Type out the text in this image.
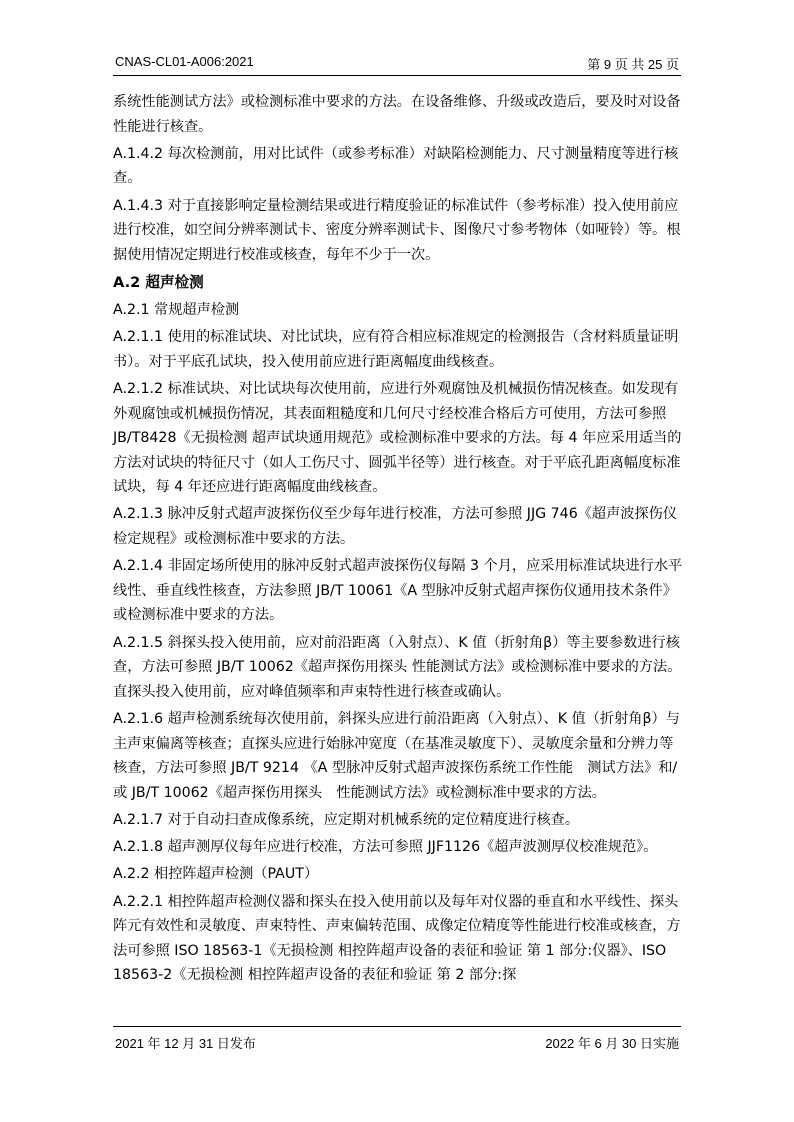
CNAS-CL01-A006:2021	第 9 页 共 25 页

系统性能测试方法》或检测标准中要求的方法。在设备维修、升级或改造后，要及时对设备性能进行核查。

A.1.4.2 每次检测前，用对比试件（或参考标准）对缺陷检测能力、尺寸测量精度等进行核查。

A.1.4.3 对于直接影响定量检测结果或进行精度验证的标准试件（参考标准）投入使用前应进行校准，如空间分辨率测试卡、密度分辨率测试卡、图像尺寸参考物体（如哑铃）等。根据使用情况定期进行校准或核查，每年不少于一次。

A.2 超声检测

A.2.1 常规超声检测

A.2.1.1 使用的标准试块、对比试块，应有符合相应标准规定的检测报告（含材料质量证明书）。对于平底孔试块，投入使用前应进行距离幅度曲线核查。

A.2.1.2 标准试块、对比试块每次使用前，应进行外观腐蚀及机械损伤情况核查。如发现有外观腐蚀或机械损伤情况，其表面粗糙度和几何尺寸经校准合格后方可使用，方法可参照 JB/T8428《无损检测 超声试块通用规范》或检测标准中要求的方法。每 4 年应采用适当的方法对试块的特征尺寸（如人工伤尺寸、圆弧半径等）进行核查。对于平底孔距离幅度标准试块，每 4 年还应进行距离幅度曲线核查。

A.2.1.3 脉冲反射式超声波探伤仪至少每年进行校准，方法可参照 JJG 746《超声波探伤仪检定规程》或检测标准中要求的方法。

A.2.1.4 非固定场所使用的脉冲反射式超声波探伤仪每隔 3 个月，应采用标准试块进行水平线性、垂直线性核查，方法参照 JB/T 10061《A 型脉冲反射式超声探伤仪通用技术条件》或检测标准中要求的方法。

A.2.1.5 斜探头投入使用前，应对前沿距离（入射点）、K 值（折射角β）等主要参数进行核查，方法可参照 JB/T 10062《超声探伤用探头 性能测试方法》或检测标准中要求的方法。直探头投入使用前，应对峰值频率和声束特性进行核查或确认。

A.2.1.6 超声检测系统每次使用前，斜探头应进行前沿距离（入射点）、K 值（折射角β）与主声束偏离等核查；直探头应进行始脉冲宽度（在基准灵敏度下）、灵敏度余量和分辨力等核查，方法可参照 JB/T 9214 《A 型脉冲反射式超声波探伤系统工作性能　测试方法》和/或 JB/T 10062《超声探伤用探头　性能测试方法》或检测标准中要求的方法。

A.2.1.7 对于自动扫查成像系统，应定期对机械系统的定位精度进行核查。

A.2.1.8 超声测厚仪每年应进行校准，方法可参照 JJF1126《超声波测厚仪校准规范》。

A.2.2 相控阵超声检测（PAUT）

A.2.2.1 相控阵超声检测仪器和探头在投入使用前以及每年对仪器的垂直和水平线性、探头阵元有效性和灵敏度、声束特性、声束偏转范围、成像定位精度等性能进行校准或核查，方法可参照 ISO 18563-1《无损检测 相控阵超声设备的表征和验证 第 1 部分:仪器》、ISO 18563-2《无损检测 相控阵超声设备的表征和验证 第 2 部分:探

2021 年 12 月 31 日发布	2022 年 6 月 30 日实施
